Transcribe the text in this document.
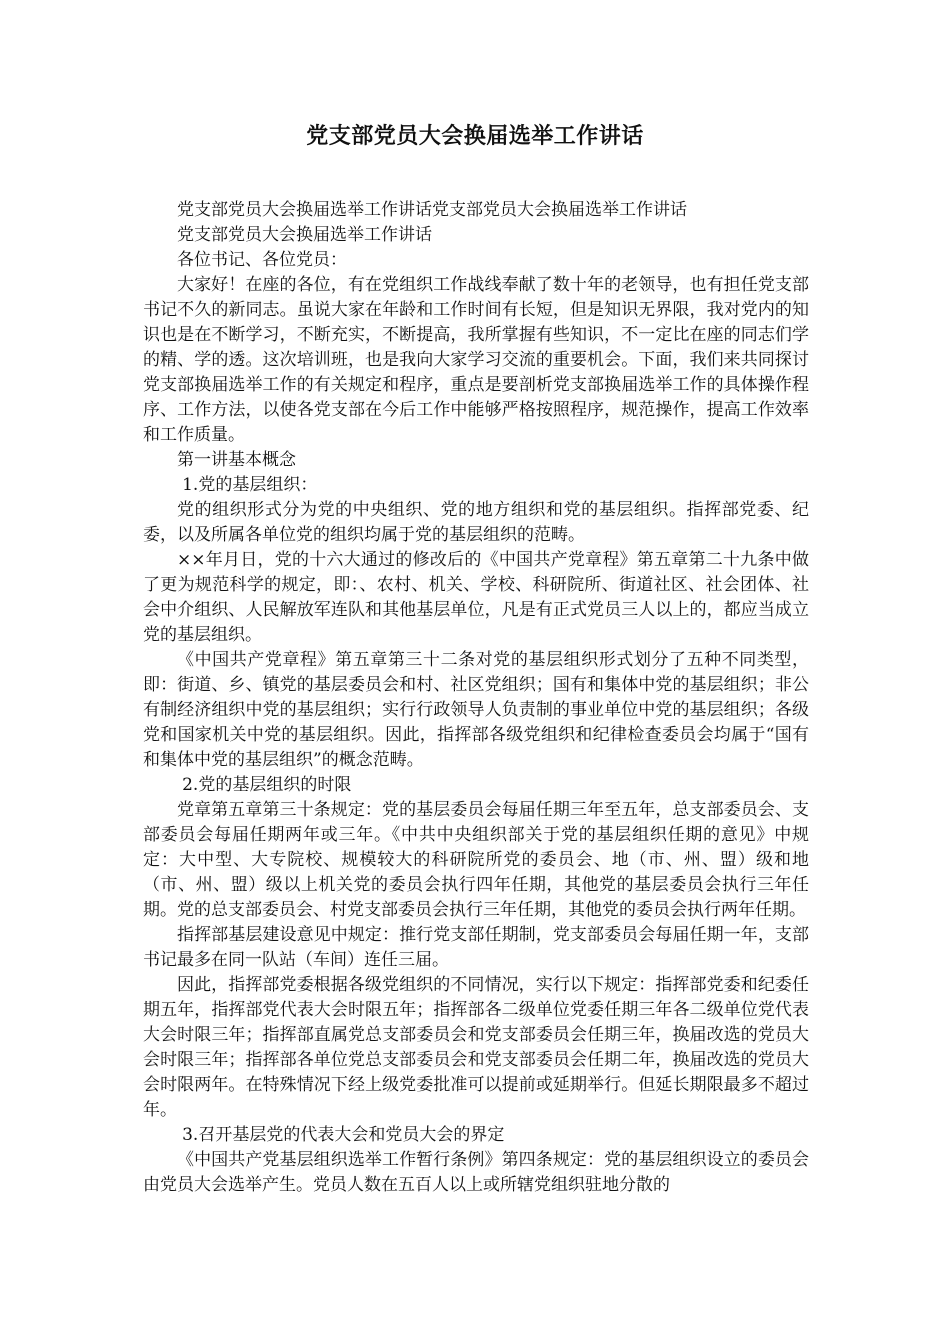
党支部党员大会换届选举工作讲话

党支部党员大会换届选举工作讲话党支部党员大会换届选举工作讲话

党支部党员大会换届选举工作讲话

各位书记、各位党员：

大家好！在座的各位，有在党组织工作战线奉献了数十年的老领导，也有担任党支部书记不久的新同志。虽说大家在年龄和工作时间有长短，但是知识无界限，我对党内的知识也是在不断学习，不断充实，不断提高，我所掌握有些知识，不一定比在座的同志们学的精、学的透。这次培训班，也是我向大家学习交流的重要机会。下面，我们来共同探讨党支部换届选举工作的有关规定和程序，重点是要剖析党支部换届选举工作的具体操作程序、工作方法，以使各党支部在今后工作中能够严格按照程序，规范操作，提高工作效率和工作质量。

第一讲基本概念

1.党的基层组织：

党的组织形式分为党的中央组织、党的地方组织和党的基层组织。指挥部党委、纪委，以及所属各单位党的组织均属于党的基层组织的范畴。

××年月日，党的十六大通过的修改后的《中国共产党章程》第五章第二十九条中做了更为规范科学的规定，即：、农村、机关、学校、科研院所、街道社区、社会团体、社会中介组织、人民解放军连队和其他基层单位，凡是有正式党员三人以上的，都应当成立党的基层组织。

《中国共产党章程》第五章第三十二条对党的基层组织形式划分了五种不同类型，即：街道、乡、镇党的基层委员会和村、社区党组织；国有和集体中党的基层组织；非公有制经济组织中党的基层组织；实行行政领导人负责制的事业单位中党的基层组织；各级党和国家机关中党的基层组织。因此，指挥部各级党组织和纪律检查委员会均属于“国有和集体中党的基层组织”的概念范畴。

2.党的基层组织的时限

党章第五章第三十条规定：党的基层委员会每届任期三年至五年，总支部委员会、支部委员会每届任期两年或三年。《中共中央组织部关于党的基层组织任期的意见》中规定：大中型、大专院校、规模较大的科研院所党的委员会、地（市、州、盟）级和地（市、州、盟）级以上机关党的委员会执行四年任期，其他党的基层委员会执行三年任期。党的总支部委员会、村党支部委员会执行三年任期，其他党的委员会执行两年任期。

指挥部基层建设意见中规定：推行党支部任期制，党支部委员会每届任期一年，支部书记最多在同一队站（车间）连任三届。

因此，指挥部党委根据各级党组织的不同情况，实行以下规定：指挥部党委和纪委任期五年，指挥部党代表大会时限五年；指挥部各二级单位党委任期三年各二级单位党代表大会时限三年；指挥部直属党总支部委员会和党支部委员会任期三年，换届改选的党员大会时限三年；指挥部各单位党总支部委员会和党支部委员会任期二年，换届改选的党员大会时限两年。在特殊情况下经上级党委批准可以提前或延期举行。但延长期限最多不超过年。

3.召开基层党的代表大会和党员大会的界定

《中国共产党基层组织选举工作暂行条例》第四条规定：党的基层组织设立的委员会由党员大会选举产生。党员人数在五百人以上或所辖党组织驻地分散的
